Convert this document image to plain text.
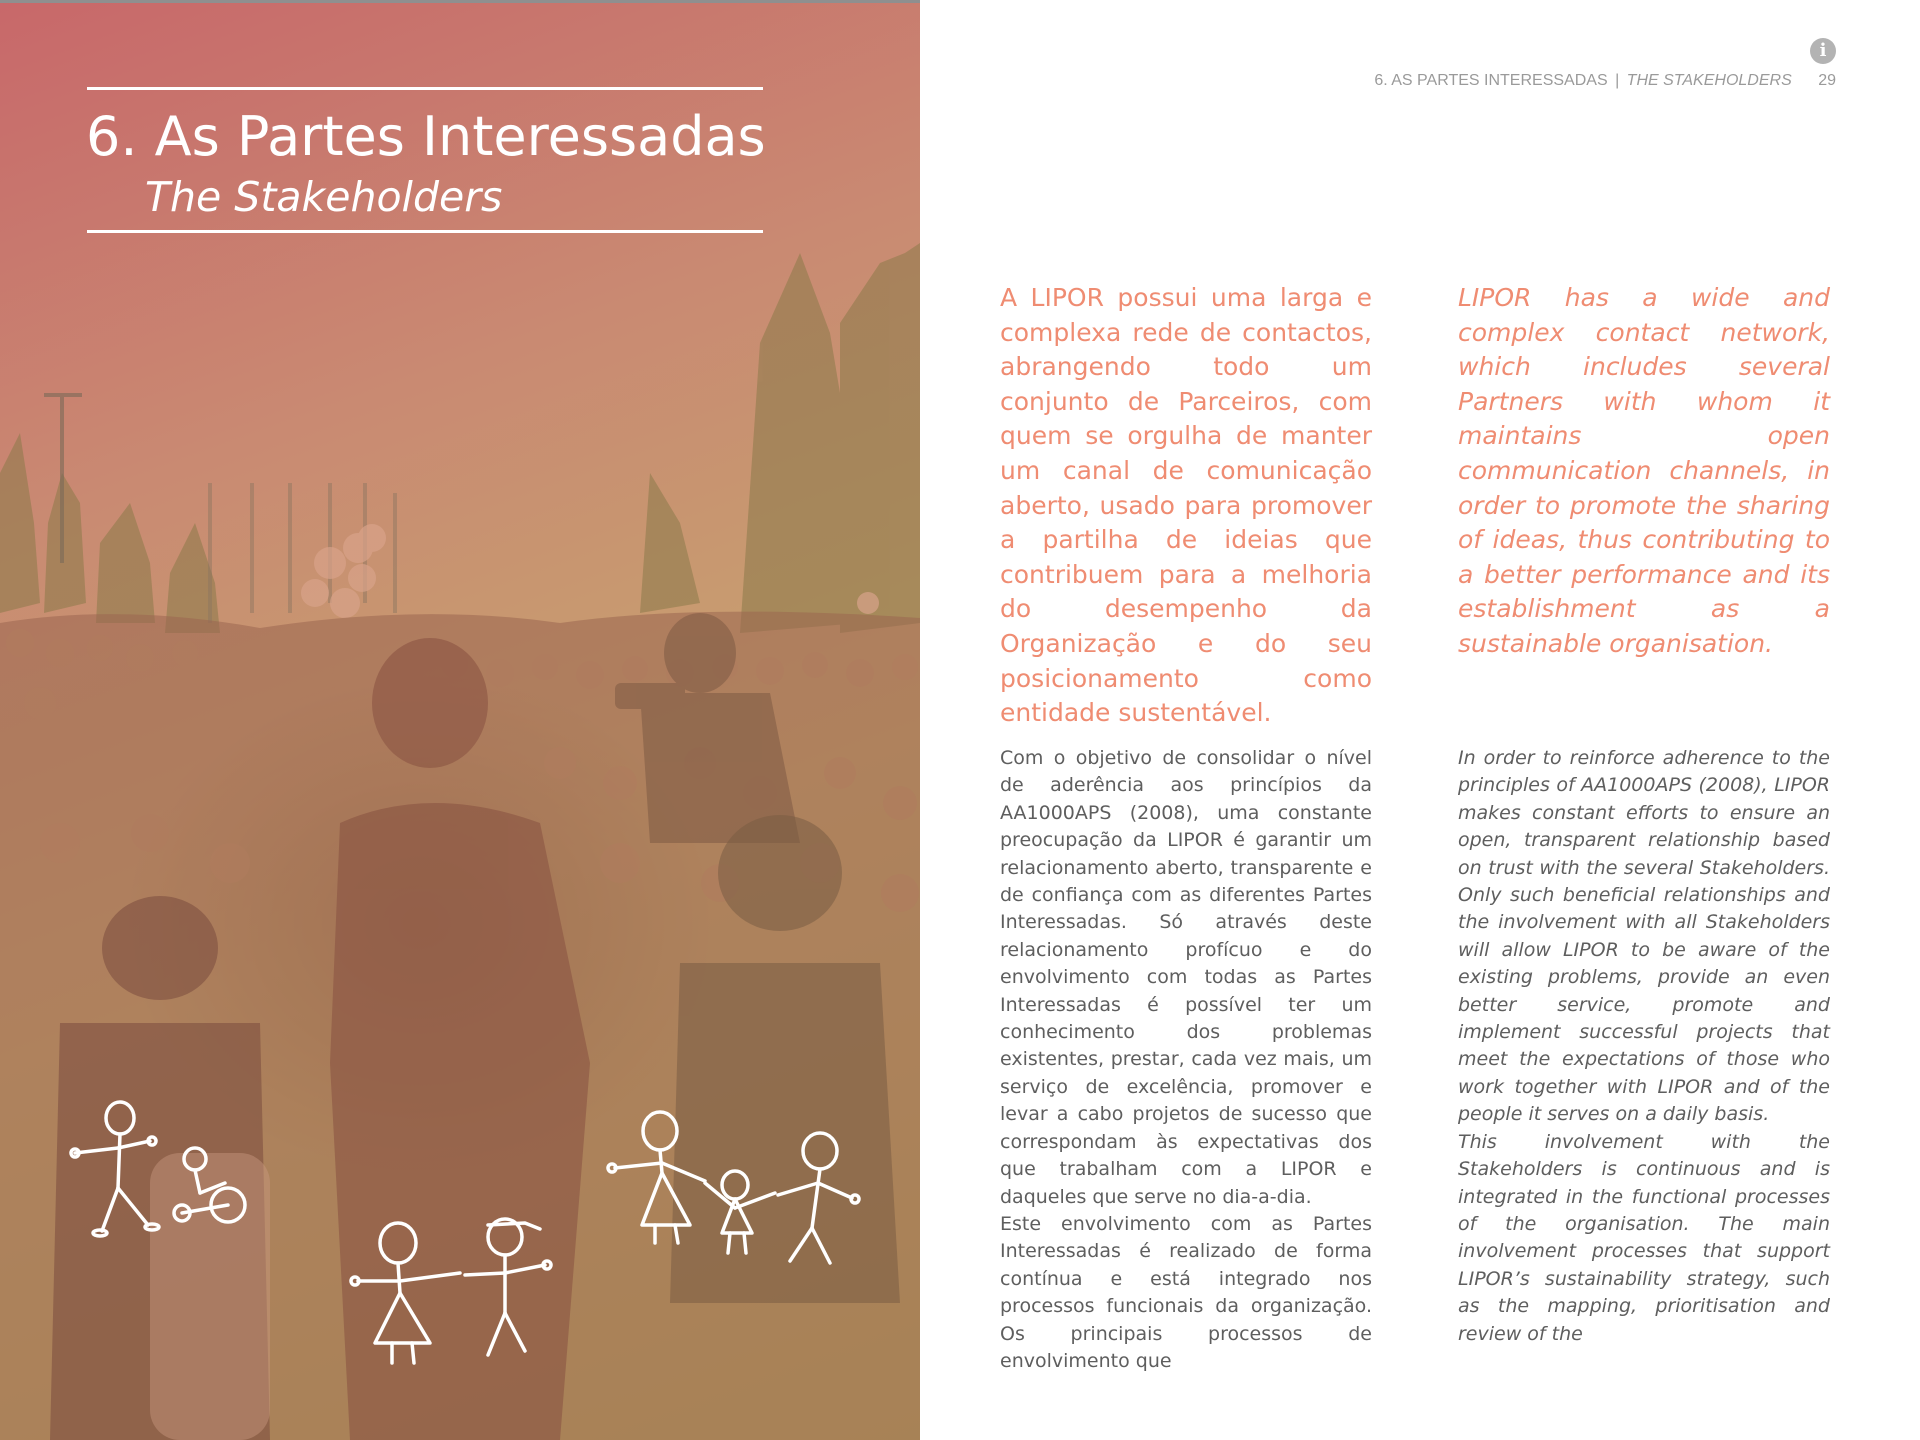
6. As Partes Interessadas
The Stakeholders
i
6. AS PARTES INTERESSADAS | THE STAKEHOLDERS 29

A LIPOR possui uma larga e complexa rede de contactos, abrangendo todo um conjunto de Parceiros, com quem se orgulha de manter um canal de comunicação aberto, usado para promover a partilha de ideias que contribuem para a melhoria do desempenho da Organização e do seu posicionamento como entidade sustentável.

LIPOR has a wide and complex contact network, which includes several Partners with whom it maintains open communication channels, in order to promote the sharing of ideas, thus contributing to a better performance and its establishment as a sustainable organisation.

Com o objetivo de consolidar o nível de aderência aos princípios da AA1000APS (2008), uma constante preocupação da LIPOR é garantir um relacionamento aberto, transparente e de confiança com as diferentes Partes Interessadas. Só através deste relacionamento profícuo e do envolvimento com todas as Partes Interessadas é possível ter um conhecimento dos problemas existentes, prestar, cada vez mais, um serviço de excelência, promover e levar a cabo projetos de sucesso que correspondam às expectativas dos que trabalham com a LIPOR e daqueles que serve no dia-a-dia.

Este envolvimento com as Partes Interessadas é realizado de forma contínua e está integrado nos processos funcionais da organização. Os principais processos de envolvimento que

In order to reinforce adherence to the principles of AA1000APS (2008), LIPOR makes constant efforts to ensure an open, transparent relationship based on trust with the several Stakeholders. Only such beneficial relationships and the involvement with all Stakeholders will allow LIPOR to be aware of the existing problems, provide an even better service, promote and implement successful projects that meet the expectations of those who work together with LIPOR and of the people it serves on a daily basis.

This involvement with the Stakeholders is continuous and is integrated in the functional processes of the organisation. The main involvement processes that support LIPOR’s sustainability strategy, such as the mapping, prioritisation and review of the
